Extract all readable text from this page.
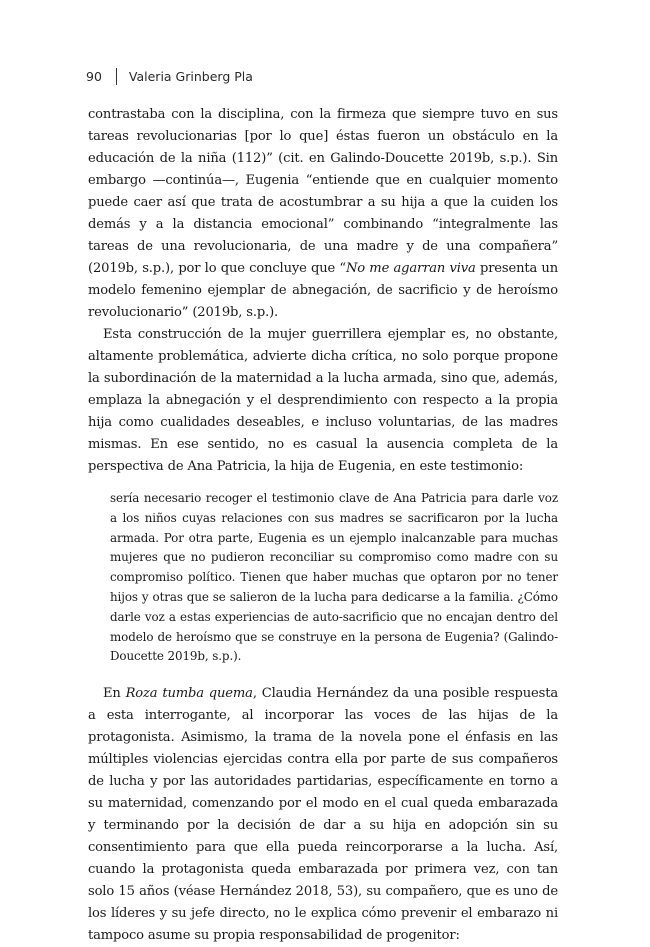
90 Valeria Grinberg Pla

contrastaba con la disciplina, con la firmeza que siempre tuvo en sus tareas revolucionarias [por lo que] éstas fueron un obstáculo en la educación de la niña (112)” (cit. en Galindo-Doucette 2019b, s.p.). Sin embargo —continúa—, Eugenia “entiende que en cualquier momento puede caer así que trata de acostumbrar a su hija a que la cuiden los demás y a la distancia emocional” combinando “integralmente las tareas de una revolucionaria, de una madre y de una compañera” (2019b, s.p.), por lo que concluye que “No me agarran viva presenta un modelo femenino ejemplar de abnegación, de sacrificio y de heroísmo revolucionario” (2019b, s.p.).

Esta construcción de la mujer guerrillera ejemplar es, no obstante, altamente problemática, advierte dicha crítica, no solo porque propone la subordinación de la maternidad a la lucha armada, sino que, además, emplaza la abnegación y el desprendimiento con respecto a la propia hija como cualidades deseables, e incluso voluntarias, de las madres mismas. En ese sentido, no es casual la ausencia completa de la perspectiva de Ana Patricia, la hija de Eugenia, en este testimonio:

sería necesario recoger el testimonio clave de Ana Patricia para darle voz a los niños cuyas relaciones con sus madres se sacrificaron por la lucha armada. Por otra parte, Eugenia es un ejemplo inalcanzable para muchas mujeres que no pudieron reconciliar su compromiso como madre con su compromiso político. Tienen que haber muchas que optaron por no tener hijos y otras que se salieron de la lucha para dedicarse a la familia. ¿Cómo darle voz a estas experiencias de auto-sacrificio que no encajan dentro del modelo de heroísmo que se construye en la persona de Eugenia? (Galindo-Doucette 2019b, s.p.).

En Roza tumba quema, Claudia Hernández da una posible respuesta a esta interrogante, al incorporar las voces de las hijas de la protagonista. Asimismo, la trama de la novela pone el énfasis en las múltiples violencias ejercidas contra ella por parte de sus compañeros de lucha y por las autoridades partidarias, específicamente en torno a su maternidad, comenzando por el modo en el cual queda embarazada y terminando por la decisión de dar a su hija en adopción sin su consentimiento para que ella pueda reincorporarse a la lucha. Así, cuando la protagonista queda embarazada por primera vez, con tan solo 15 años (véase Hernández 2018, 53), su compañero, que es uno de los líderes y su jefe directo, no le explica cómo prevenir el embarazo ni tampoco asume su propia responsabilidad de progenitor:
